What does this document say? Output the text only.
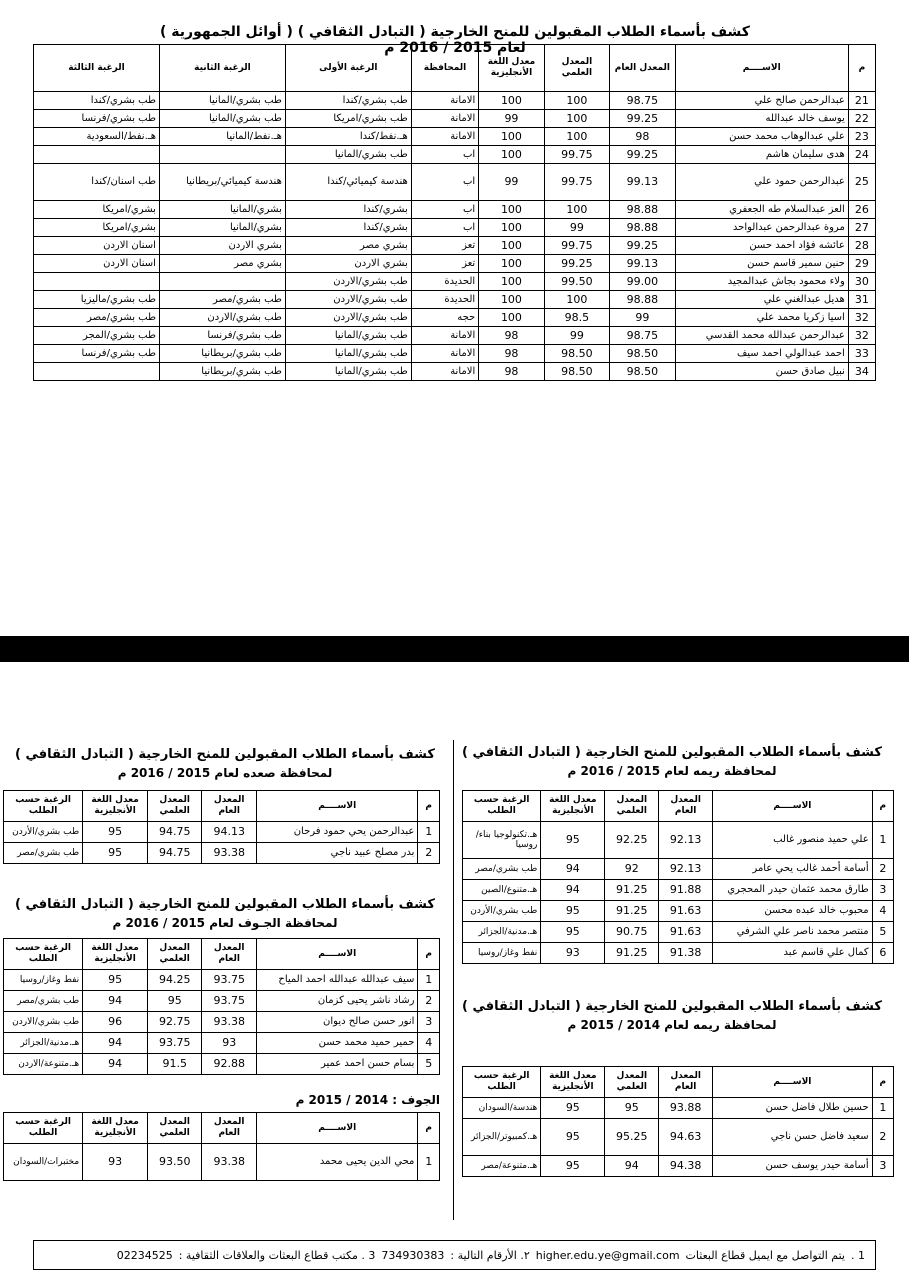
كشف بأسماء الطلاب المقبولين للمنح الخارجية ( التبادل الثقافي ) ( أوائل الجمهورية ) لعام 2015 / 2016 م
م	الاســــم	المعدل العام	المعدل العلمي	معدل اللغة الأنجليزية	المحافظة	الرغبة الأولى	الرغبة الثانية	الرغبة الثالثة
21	عبدالرحمن صالح علي	98.75	100	100	الامانة	طب بشري/كندا	طب بشري/المانيا	طب بشري/كندا
22	يوسف خالد عبدالله	99.25	100	99	الامانة	طب بشري/امريكا	طب بشري/المانيا	طب بشري/فرنسا
23	علي عبدالوهاب محمد حسن	98	100	100	الامانة	هـ.نفط/كندا	هـ.نفط/المانيا	هـ.نفط/السعودية
24	هدى سليمان هاشم	99.25	99.75	100	اب	طب بشري/المانيا		
25	عبدالرحمن حمود علي	99.13	99.75	99	اب	هندسة كيميائي/كندا	هندسة كيميائي/بريطانيا	طب اسنان/كندا
26	العز عبدالسلام طه الجعفري	98.88	100	100	اب	بشري/كندا	بشري/المانيا	بشري/امريكا
27	مروة عبدالرحمن عبدالواحد	98.88	99	100	اب	بشري/كندا	بشري/المانيا	بشري/امريكا
28	عائشه فؤاد احمد حسن	99.25	99.75	100	تعز	بشري مصر	بشري الاردن	اسنان الاردن
29	حنين سمير قاسم حسن	99.13	99.25	100	تعز	بشري الاردن	بشري مصر	اسنان الاردن
30	ولاء محمود بجاش عبدالمجيد	99.00	99.50	100	الحديدة	طب بشري/الاردن		
31	هديل عبدالغني علي	98.88	100	100	الحديدة	طب بشري/الاردن	طب بشري/مصر	طب بشري/ماليزيا
32	اسيا زكريا محمد علي	99	98.5	100	حجه	طب بشري/الاردن	طب بشري/الاردن	طب بشري/مصر
32	عبدالرحمن عبدالله محمد القدسي	98.75	99	98	الامانة	طب بشري/المانيا	طب بشري/فرنسا	طب بشري/المجر
33	احمد عبدالولي احمد سيف	98.50	98.50	98	الامانة	طب بشري/المانيا	طب بشري/بريطانيا	طب بشري/فرنسا
34	نبيل صادق حسن	98.50	98.50	98	الامانة	طب بشري/المانيا	طب بشري/بريطانيا	
كشف بأسماء الطلاب المقبولين للمنح الخارجية ( التبادل الثقافي )
لمحافظة ريمه لعام 2015 / 2016 م
م	الاســــم	المعدل العام	المعدل العلمي	معدل اللغة الأنجليزية	الرغبة حسب الطلب
1	علي حميد منصور غالب	92.13	92.25	95	هـ.تكنولوجيا بناء/روسيا
2	أسامة أحمد غالب يحي عامر	92.13	92	94	طب بشري/مصر
3	طارق محمد عثمان حيدر المحجري	91.88	91.25	94	هـ.متنوع/الصين
4	محبوب خالد عبده محسن	91.63	91.25	95	طب بشري/الأردن
5	منتصر محمد ناصر علي الشرفي	91.63	90.75	95	هـ.مدنية/الجزائر
6	كمال علي قاسم عبد	91.38	91.25	93	نفط وغاز/روسيا
كشف بأسماء الطلاب المقبولين للمنح الخارجية ( التبادل الثقافي )
لمحافظة ريمه لعام 2014 / 2015 م
م	الاســــم	المعدل العام	المعدل العلمي	معدل اللغة الأنجليزية	الرغبة حسب الطلب
1	حسين طلال فاضل حسن	93.88	95	95	هندسة/السودان
2	سعيد فاضل حسن ناجي	94.63	95.25	95	هـ.كمبيوتر/الجزائر
3	أسامة حيدر يوسف حسن	94.38	94	95	هـ.متنوعة/مصر
كشف بأسماء الطلاب المقبولين للمنح الخارجية ( التبادل الثقافي )
لمحافظة صعده لعام 2015 / 2016 م
م	الاســــم	المعدل العام	المعدل العلمي	معدل اللغة الأنجليزية	الرغبة حسب الطلب
1	عبدالرحمن يحي حمود فرحان	94.13	94.75	95	طب بشري/الأردن
2	بدر مصلح عبيد ناجي	93.38	94.75	95	طب بشري/مصر
كشف بأسماء الطلاب المقبولين للمنح الخارجية ( التبادل الثقافي )
لمحافظة الجـوف لعام 2015 / 2016 م
م	الاســــم	المعدل العام	المعدل العلمي	معدل اللغة الأنجليزية	الرغبة حسب الطلب
1	سيف عبدالله عبدالله احمد المياح	93.75	94.25	95	نفط وغاز/روسيا
2	رشاد ناشر يحيى كزمان	93.75	95	94	طب بشري/مصر
3	انور حسن صالح ديوان	93.38	92.75	96	طب بشري/الاردن
4	حمير حميد محمد حسن	93	93.75	94	هـ.مدنية/الجزائر
5	بسام حسن احمد عمير	92.88	91.5	94	هـ.متنوعة/الاردن
الجوف : 2014 / 2015 م
م	الاســــم	المعدل العام	المعدل العلمي	معدل اللغة الأنجليزية	الرغبة حسب الطلب
1	محي الدين يحيى محمد	93.38	93.50	93	مختبرات/السودان
1 .
يتم التواصل مع ايميل قطاع البعثات
higher.edu.ye@gmail.com
٢. الأرقام التالية :
734930383
3 . مكتب قطاع البعثات والعلاقات الثقافية :
02234525
